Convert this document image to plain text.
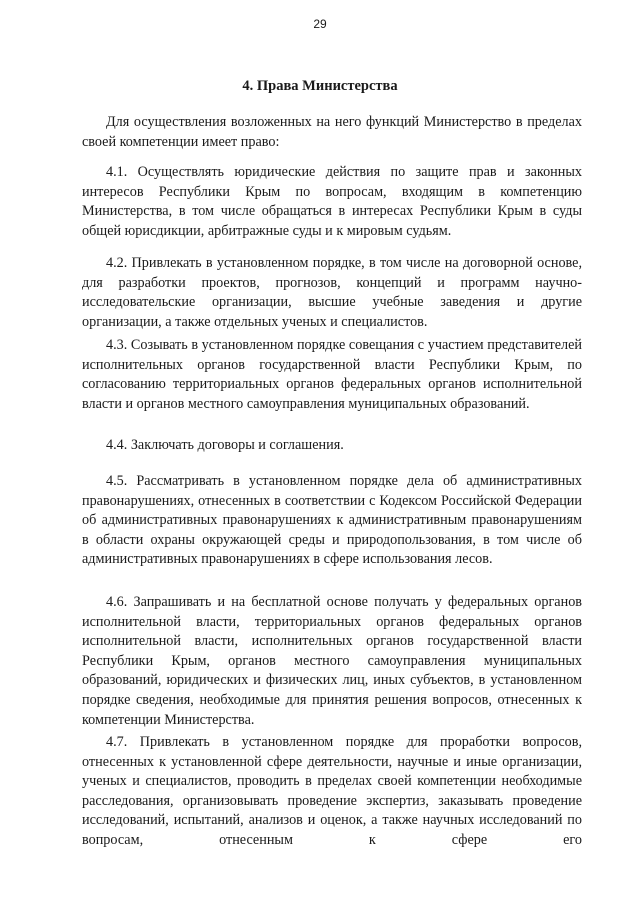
29
4. Права Министерства

Для осуществления возложенных на него функций Министерство в пределах своей компетенции имеет право:

4.1. Осуществлять юридические действия по защите прав и законных интересов Республики Крым по вопросам, входящим в компетенцию Министерства, в том числе обращаться в интересах Республики Крым в суды общей юрисдикции, арбитражные суды и к мировым судьям.

4.2. Привлекать в установленном порядке, в том числе на договорной основе, для разработки проектов, прогнозов, концепций и программ научно-исследовательские организации, высшие учебные заведения и другие организации, а также отдельных ученых и специалистов.

4.3. Созывать в установленном порядке совещания с участием представителей исполнительных органов государственной власти Республики Крым, по согласованию территориальных органов федеральных органов исполнительной власти и органов местного самоуправления муниципальных образований.

4.4. Заключать договоры и соглашения.

4.5. Рассматривать в установленном порядке дела об административных правонарушениях, отнесенных в соответствии с Кодексом Российской Федерации об административных правонарушениях к административным правонарушениям в области охраны окружающей среды и природопользования, в том числе об административных правонарушениях в сфере использования лесов.

4.6. Запрашивать и на бесплатной основе получать у федеральных органов исполнительной власти, территориальных органов федеральных органов исполнительной власти, исполнительных органов государственной власти Республики Крым, органов местного самоуправления муниципальных образований, юридических и физических лиц, иных субъектов, в установленном порядке сведения, необходимые для принятия решения вопросов, отнесенных к компетенции Министерства.

4.7. Привлекать в установленном порядке для проработки вопросов, отнесенных к установленной сфере деятельности, научные и иные организации, ученых и специалистов, проводить в пределах своей компетенции необходимые расследования, организовывать проведение экспертиз, заказывать проведение исследований, испытаний, анализов и оценок, а также научных исследований по вопросам, отнесенным к сфере его
